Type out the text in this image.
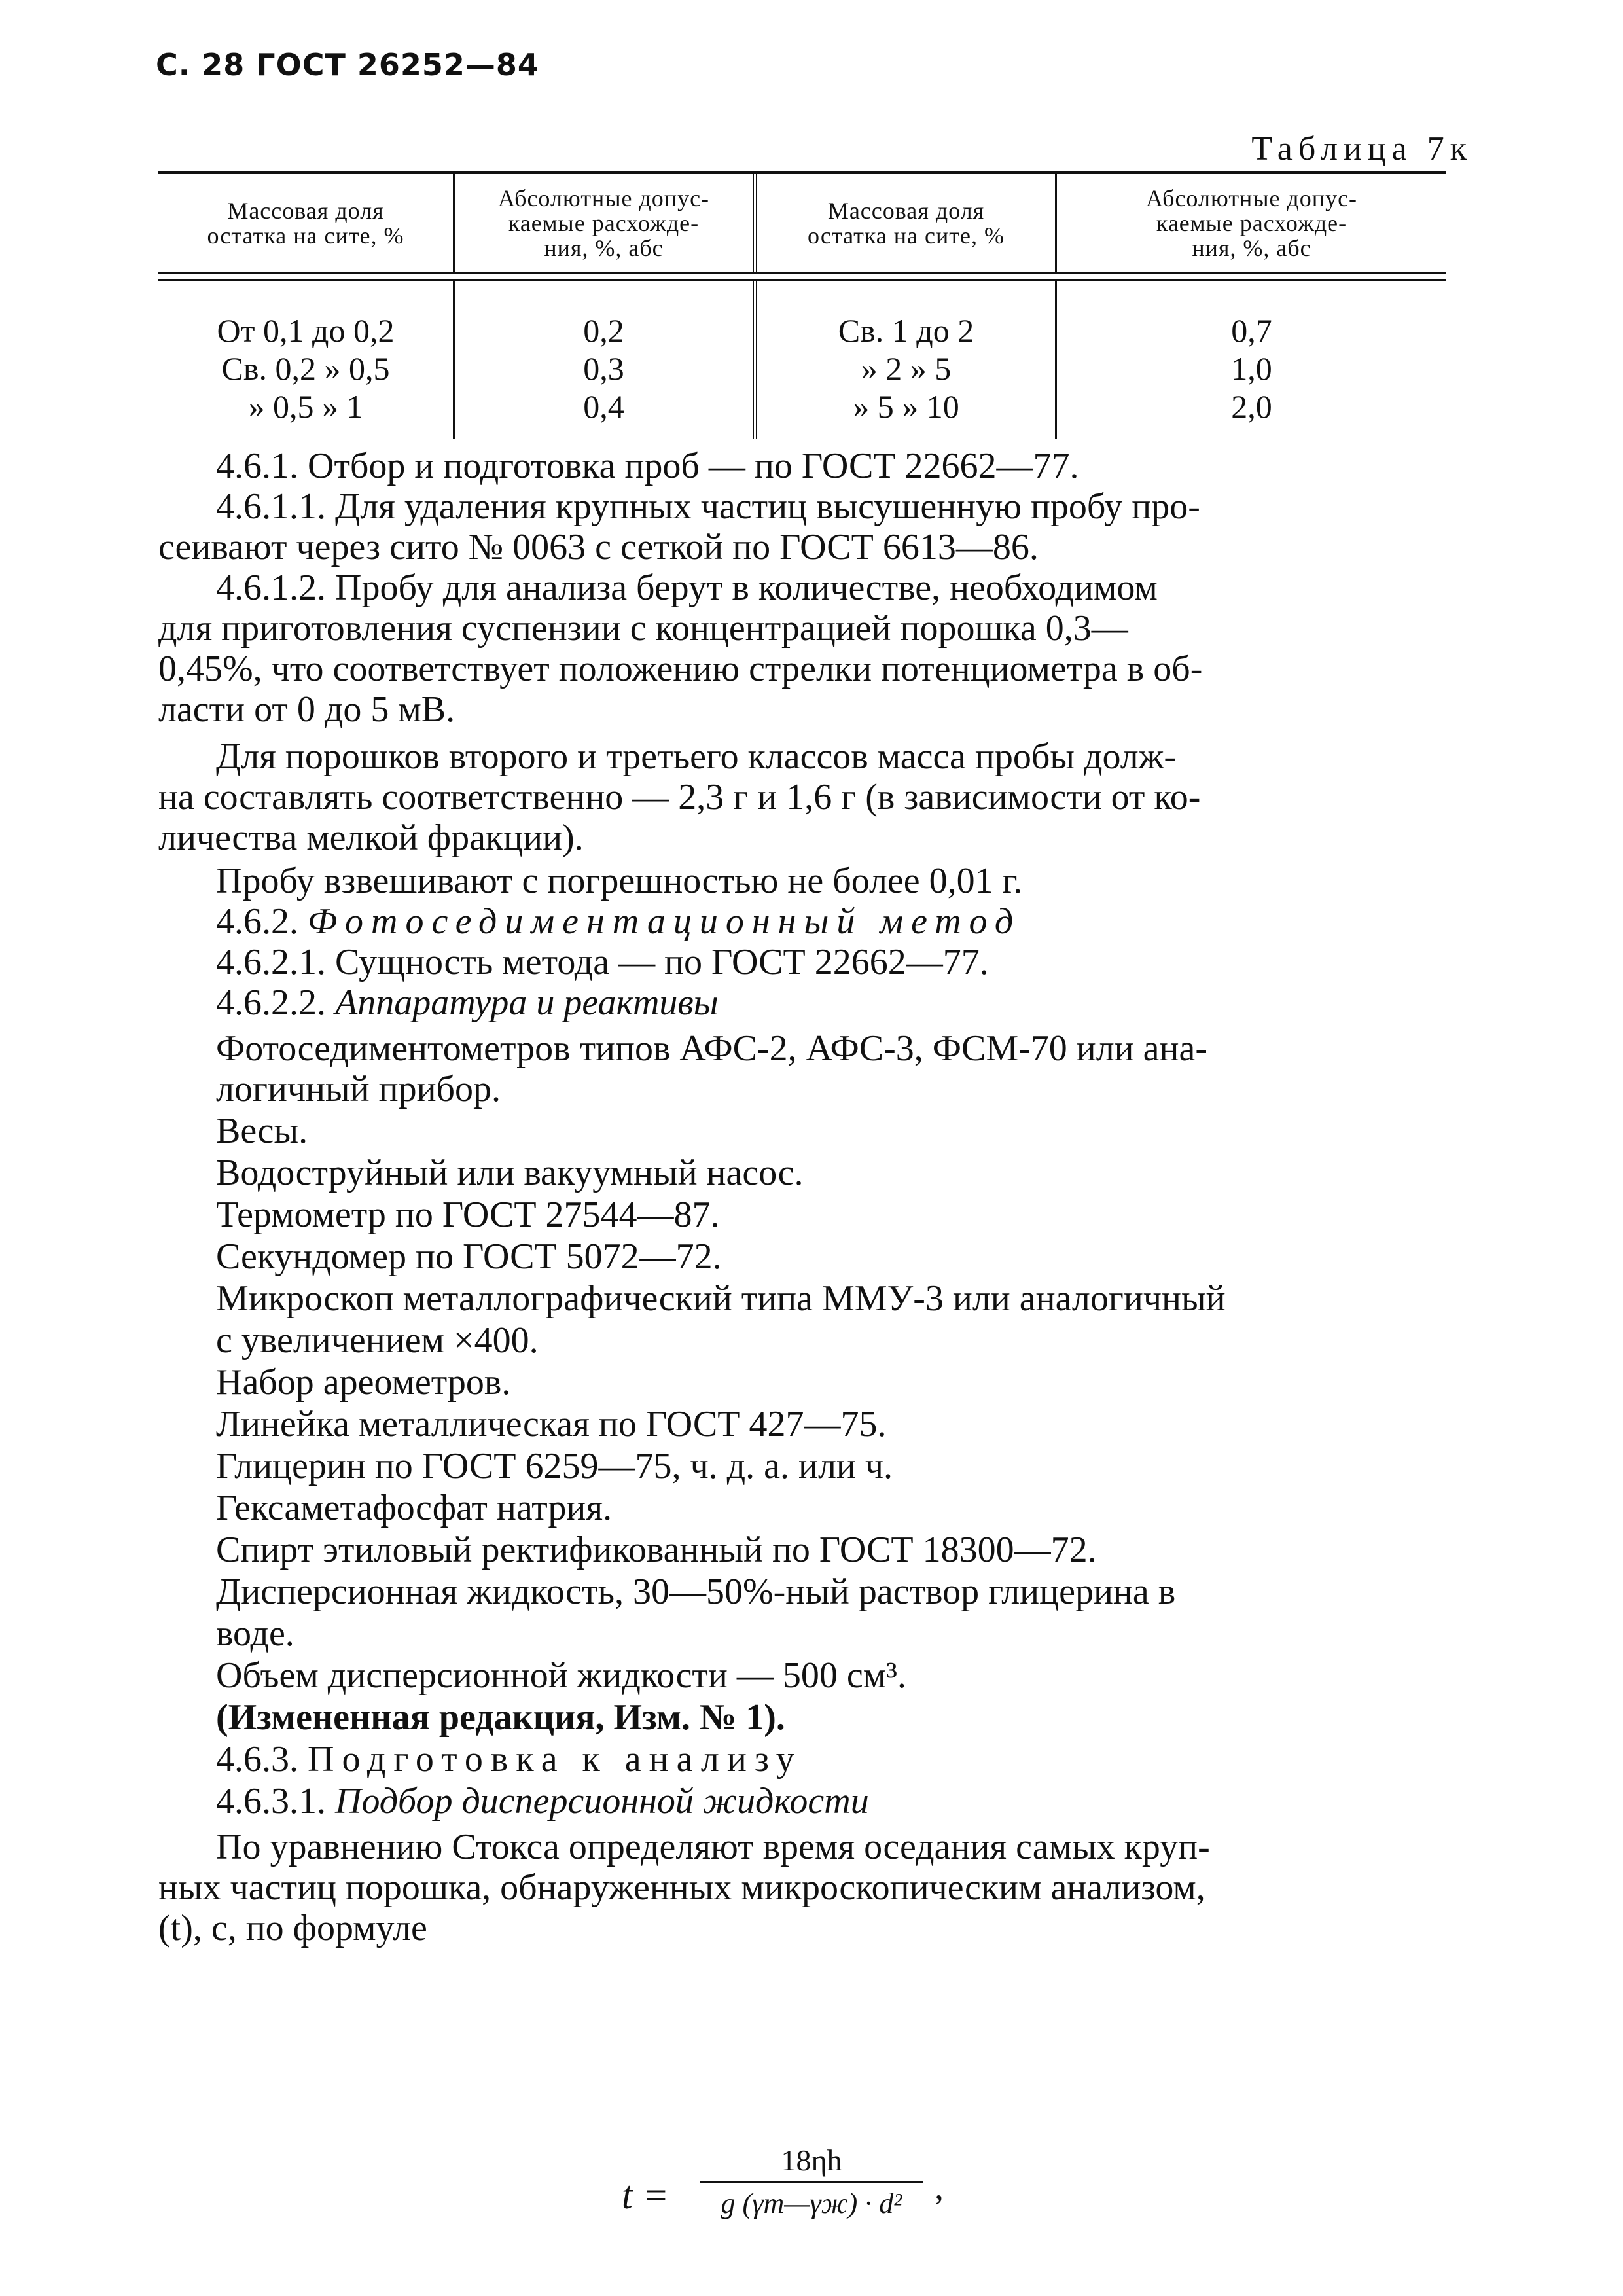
С. 28 ГОСТ 26252—84
Таблица 7к
Массовая доля
остатка на сите, %
Абсолютные допус-
каемые расхожде-
ния, %, абс
Массовая доля
остатка на сите, %
Абсолютные допус-
каемые расхожде-
ния, %, абс
От 0,1 до 0,2
Св. 0,2 » 0,5
» 0,5 » 1
0,2
0,3
0,4
Св. 1 до 2
» 2 » 5
» 5 » 10
0,7
1,0
2,0
4.6.1. Отбор и подготовка проб — по ГОСТ 22662—77.
4.6.1.1. Для удаления крупных частиц высушенную пробу про-
сеивают через сито № 0063 с сеткой по ГОСТ 6613—86.
4.6.1.2. Пробу для анализа берут в количестве, необходимом
для приготовления суспензии с концентрацией порошка 0,3—
0,45%, что соответствует положению стрелки потенциометра в об-
ласти от 0 до 5 мВ.
Для порошков второго и третьего классов масса пробы долж-
на составлять соответственно — 2,3 г и 1,6 г (в зависимости от ко-
личества мелкой фракции).
Пробу взвешивают с погрешностью не более 0,01 г.
4.6.2. Фотоседиментационный метод
4.6.2.1. Сущность метода — по ГОСТ 22662—77.
4.6.2.2. Аппаратура и реактивы
Фотоседиментометров типов АФС-2, АФС-3, ФСМ-70 или ана-
логичный прибор.
Весы.
Водоструйный или вакуумный насос.
Термометр по ГОСТ 27544—87.
Секундомер по ГОСТ 5072—72.
Микроскоп металлографический типа ММУ-3 или аналогичный
с увеличением ×400.
Набор ареометров.
Линейка металлическая по ГОСТ 427—75.
Глицерин по ГОСТ 6259—75, ч. д. а. или ч.
Гексаметафосфат натрия.
Спирт этиловый ректификованный по ГОСТ 18300—72.
Дисперсионная жидкость, 30—50%-ный раствор глицерина в
воде.
Объем дисперсионной жидкости — 500 см³.
(Измененная редакция, Изм. № 1).
4.6.3. Подготовка к анализу
4.6.3.1. Подбор дисперсионной жидкости
По уравнению Стокса определяют время оседания самых круп-
ных частиц порошка, обнаруженных микроскопическим анализом,
(t), с, по формуле
t =
18ηh
g (γт—γж) · d² ,
